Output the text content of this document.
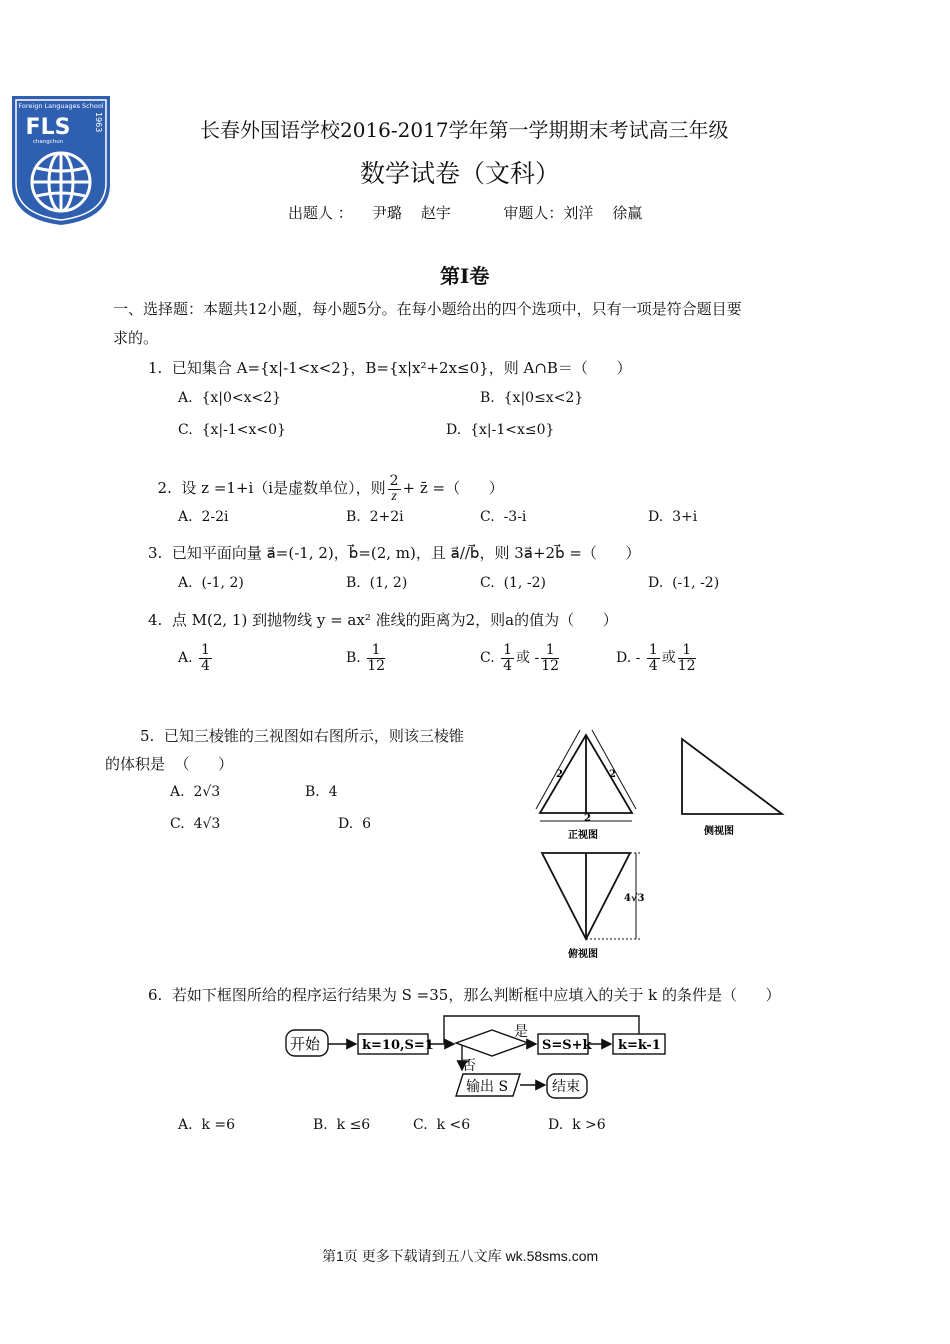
Foreign Languages School
FLS
changchun
1963	长春外国语学校2016-2017学年第一学期期末考试高三年级
数学试卷（文科）
出题人 ：    尹璐    赵宇           审题人：刘洋    徐赢
第Ⅰ卷
一、选择题：本题共12小题，每小题5分。在每小题给出的四个选项中，只有一项是符合题目要
求的。
1.  已知集合 A={x|-1<x<2}，B={x|x²+2x≤0}，则 A∩B＝（      ）
A.  {x|0<x<2}	B.  {x|0≤x<2}
C.  {x|-1<x<0}	D.  {x|-1<x≤0}

2.  设 z =1+i（i是虚数单位），则 $\frac{2}{z}$ + z̄ =（      ）

A.  2-2i	B.  2+2i	C.  -3-i	D.  3+i
3.  已知平面向量 a⃗=(-1, 2)，b⃗=(2, m)，且 a⃗//b⃗，则 3a⃗+2b⃗ =（      ）
A.  (-1, 2)	B.  (1, 2)	C.  (1, -2)	D.  (-1, -2)
4.  点 M(2, 1) 到抛物线 y = ax² 准线的距离为2，则a的值为（      ）
A. $\frac{1}{4}$	B. $\frac{1}{12}$	C. $\frac{1}{4}$ 或 - $\frac{1}{12}$	D. - $\frac{1}{4}$ 或 $\frac{1}{12}$
5.  已知三棱锥的三视图如右图所示，则该三棱锥
的体积是  （      ）
A.  2√3	B.  4
C.  4√3	D.  6
2	2
2
正视图	侧视图
4√3
俯视图
6.  若如下框图所给的程序运行结果为 S =35，那么判断框中应填入的关于 k 的条件是（      ）
开始	k=10,S=1
是
否
S=S+k k=k-1
输出 S	结束
A.  k =6	B.  k ≤6	C.  k <6	D.  k >6
第1页 更多下载请到五八文库 wk.58sms.com
